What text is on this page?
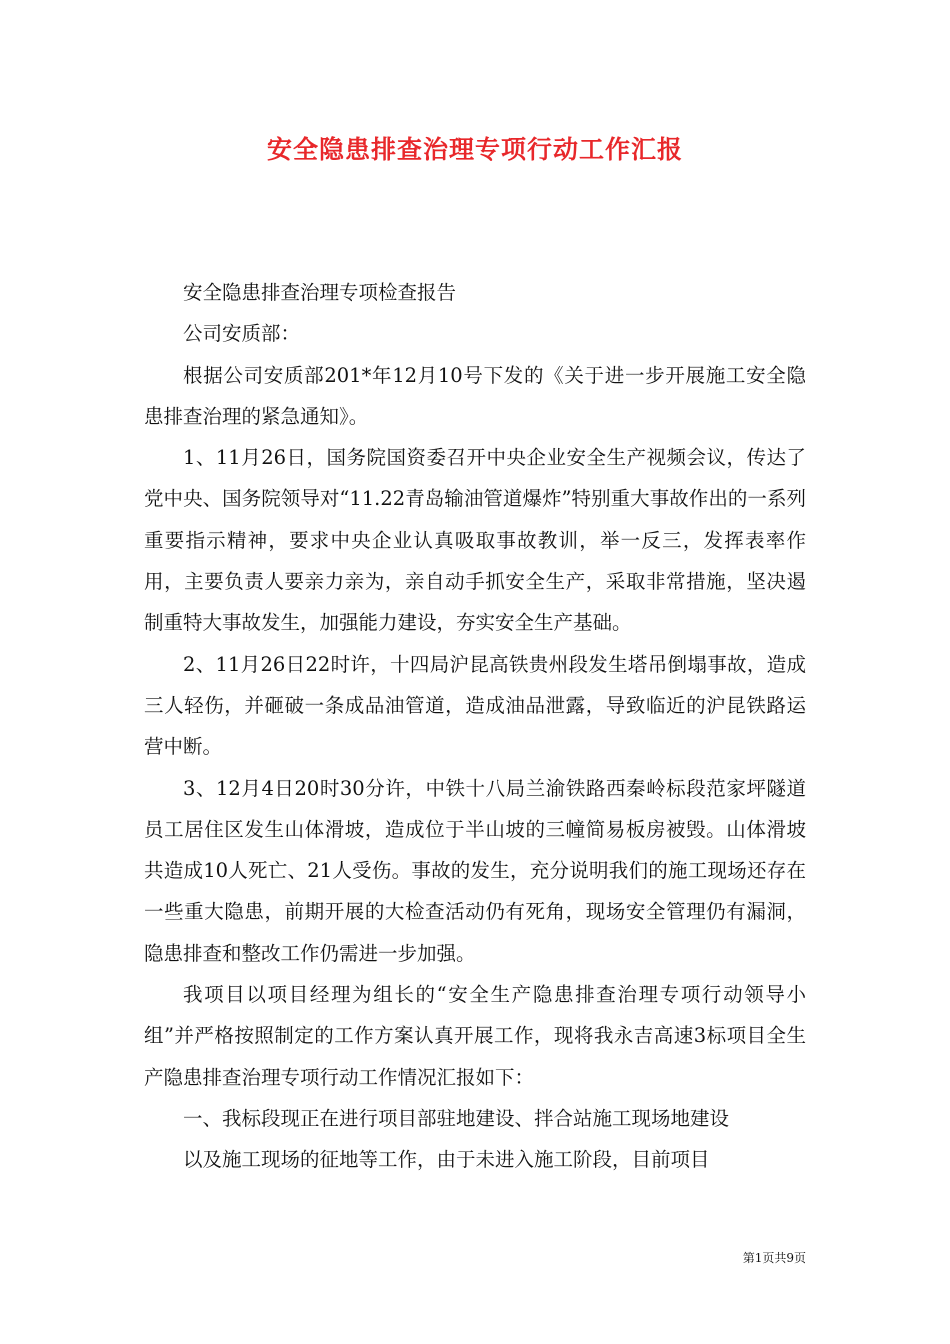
安全隐患排查治理专项行动工作汇报

安全隐患排查治理专项检查报告

公司安质部：

根据公司安质部201*年12月10号下发的《关于进一步开展施工安全隐患排查治理的紧急通知》。

1、11月26日，国务院国资委召开中央企业安全生产视频会议，传达了党中央、国务院领导对“11.22青岛输油管道爆炸”特别重大事故作出的一系列重要指示精神，要求中央企业认真吸取事故教训，举一反三，发挥表率作用，主要负责人要亲力亲为，亲自动手抓安全生产，采取非常措施，坚决遏制重特大事故发生，加强能力建设，夯实安全生产基础。

2、11月26日22时许，十四局沪昆高铁贵州段发生塔吊倒塌事故，造成三人轻伤，并砸破一条成品油管道，造成油品泄露，导致临近的沪昆铁路运营中断。

3、12月4日20时30分许，中铁十八局兰渝铁路西秦岭标段范家坪隧道员工居住区发生山体滑坡，造成位于半山坡的三幢简易板房被毁。山体滑坡共造成10人死亡、21人受伤。事故的发生，充分说明我们的施工现场还存在一些重大隐患，前期开展的大检查活动仍有死角，现场安全管理仍有漏洞，隐患排查和整改工作仍需进一步加强。

我项目以项目经理为组长的“安全生产隐患排查治理专项行动领导小组”并严格按照制定的工作方案认真开展工作，现将我永吉高速3标项目全生产隐患排查治理专项行动工作情况汇报如下：

一、我标段现正在进行项目部驻地建设、拌合站施工现场地建设

以及施工现场的征地等工作，由于未进入施工阶段，目前项目

第1页共9页
